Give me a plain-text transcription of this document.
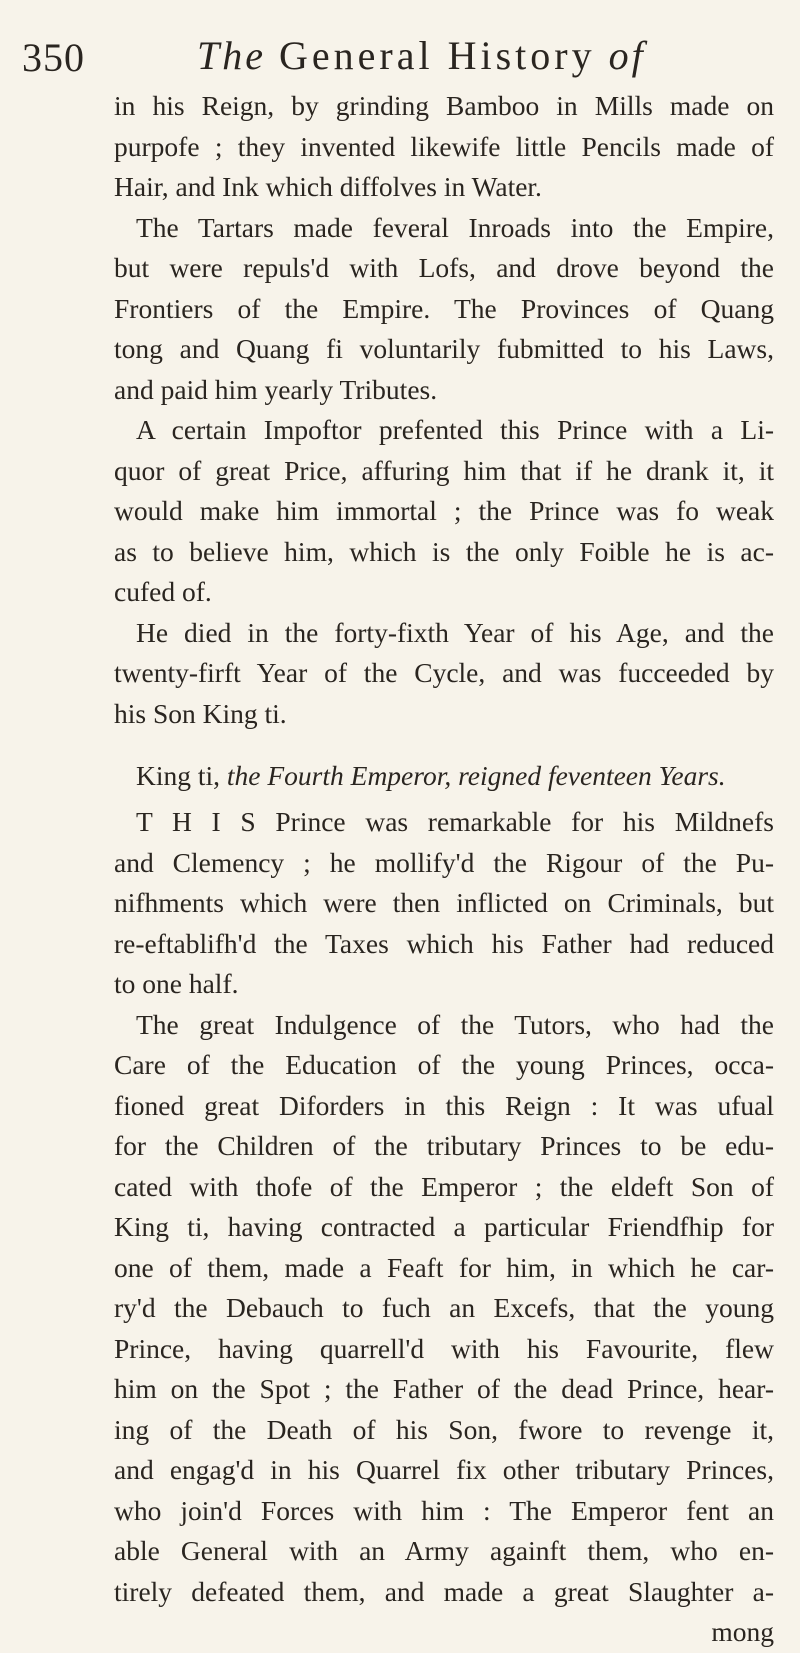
350	The General History of
in his Reign, by grinding Bamboo in Mills made on
purpofe ; they invented likewife little Pencils made of
Hair, and Ink which diffolves in Water.
The Tartars made feveral Inroads into the Empire,
but were repuls'd with Lofs, and drove beyond the
Frontiers of the Empire. The Provinces of Quang
tong and Quang fi voluntarily fubmitted to his Laws,
and paid him yearly Tributes.
A certain Impoftor prefented this Prince with a Li-
quor of great Price, affuring him that if he drank it, it
would make him immortal ; the Prince was fo weak
as to believe him, which is the only Foible he is ac-
cufed of.
He died in the forty-fixth Year of his Age, and the
twenty-firft Year of the Cycle, and was fucceeded by
his Son King ti.
King ti, the Fourth Emperor, reigned feventeen Years.
T H I S Prince was remarkable for his Mildnefs
and Clemency ; he mollify'd the Rigour of the Pu-
nifhments which were then inflicted on Criminals, but
re-eftablifh'd the Taxes which his Father had reduced
to one half.
The great Indulgence of the Tutors, who had the
Care of the Education of the young Princes, occa-
fioned great Diforders in this Reign : It was ufual
for the Children of the tributary Princes to be edu-
cated with thofe of the Emperor ; the eldeft Son of
King ti, having contracted a particular Friendfhip for
one of them, made a Feaft for him, in which he car-
ry'd the Debauch to fuch an Excefs, that the young
Prince, having quarrell'd with his Favourite, flew
him on the Spot ; the Father of the dead Prince, hear-
ing of the Death of his Son, fwore to revenge it,
and engag'd in his Quarrel fix other tributary Princes,
who join'd Forces with him : The Emperor fent an
able General with an Army againft them, who en-
tirely defeated them, and made a great Slaughter a-
mong
